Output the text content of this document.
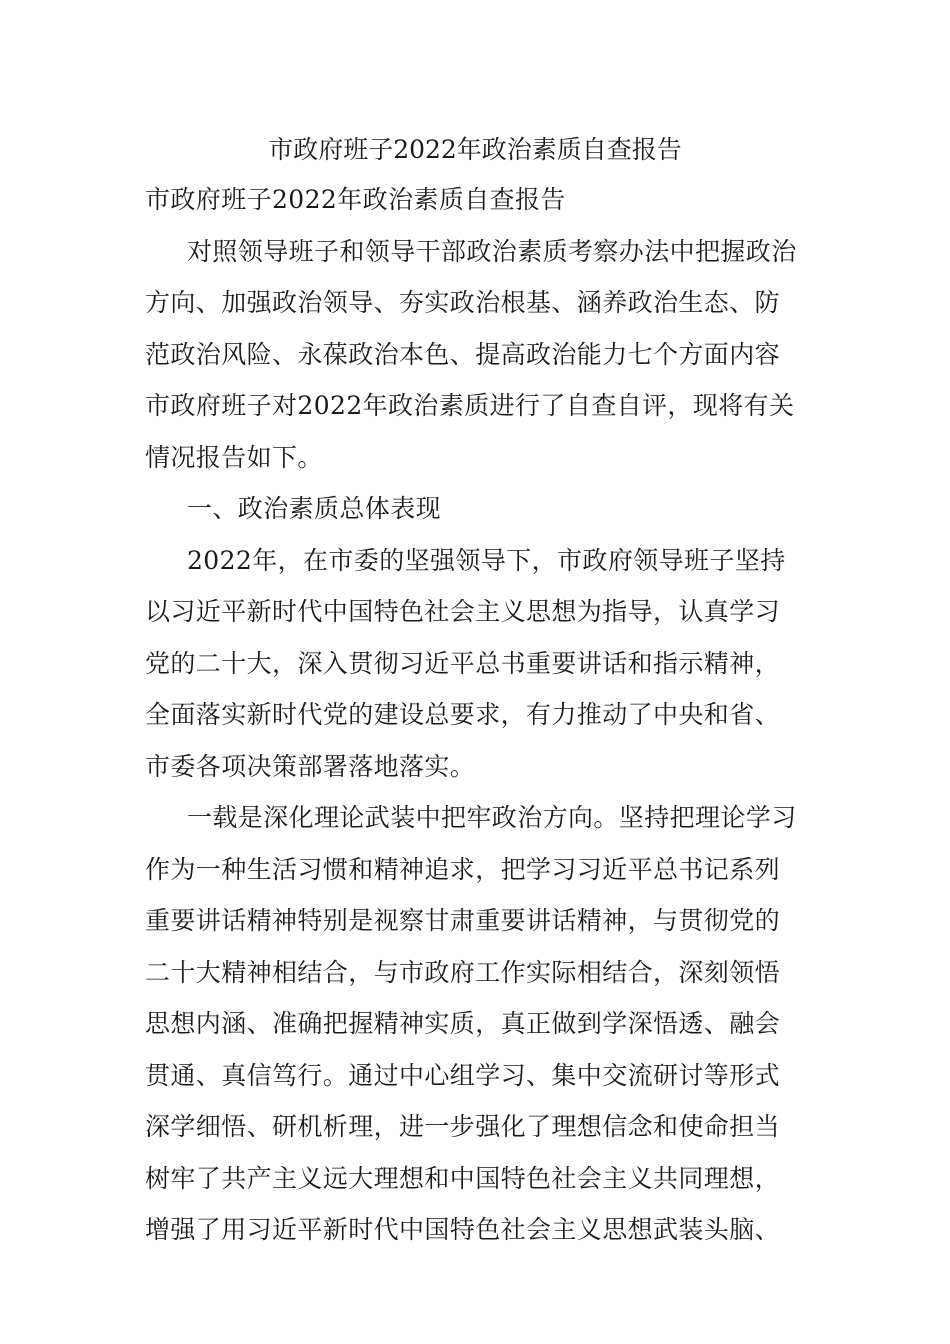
市政府班子2022年政治素质自查报告
市政府班子2022年政治素质自查报告
对照领导班子和领导干部政治素质考察办法中把握政治
方向、加强政治领导、夯实政治根基、涵养政治生态、防
范政治风险、永葆政治本色、提高政治能力七个方面内容
市政府班子对2022年政治素质进行了自查自评，现将有关
情况报告如下。
一、政治素质总体表现
2022年，在市委的坚强领导下，市政府领导班子坚持
以习近平新时代中国特色社会主义思想为指导，认真学习
党的二十大，深入贯彻习近平总书重要讲话和指示精神，
全面落实新时代党的建设总要求，有力推动了中央和省、
市委各项决策部署落地落实。
一载是深化理论武装中把牢政治方向。坚持把理论学习
作为一种生活习惯和精神追求，把学习习近平总书记系列
重要讲话精神特别是视察甘肃重要讲话精神，与贯彻党的
二十大精神相结合，与市政府工作实际相结合，深刻领悟
思想内涵、准确把握精神实质，真正做到学深悟透、融会
贯通、真信笃行。通过中心组学习、集中交流研讨等形式
深学细悟、研机析理，进一步强化了理想信念和使命担当
树牢了共产主义远大理想和中国特色社会主义共同理想，
增强了用习近平新时代中国特色社会主义思想武装头脑、
